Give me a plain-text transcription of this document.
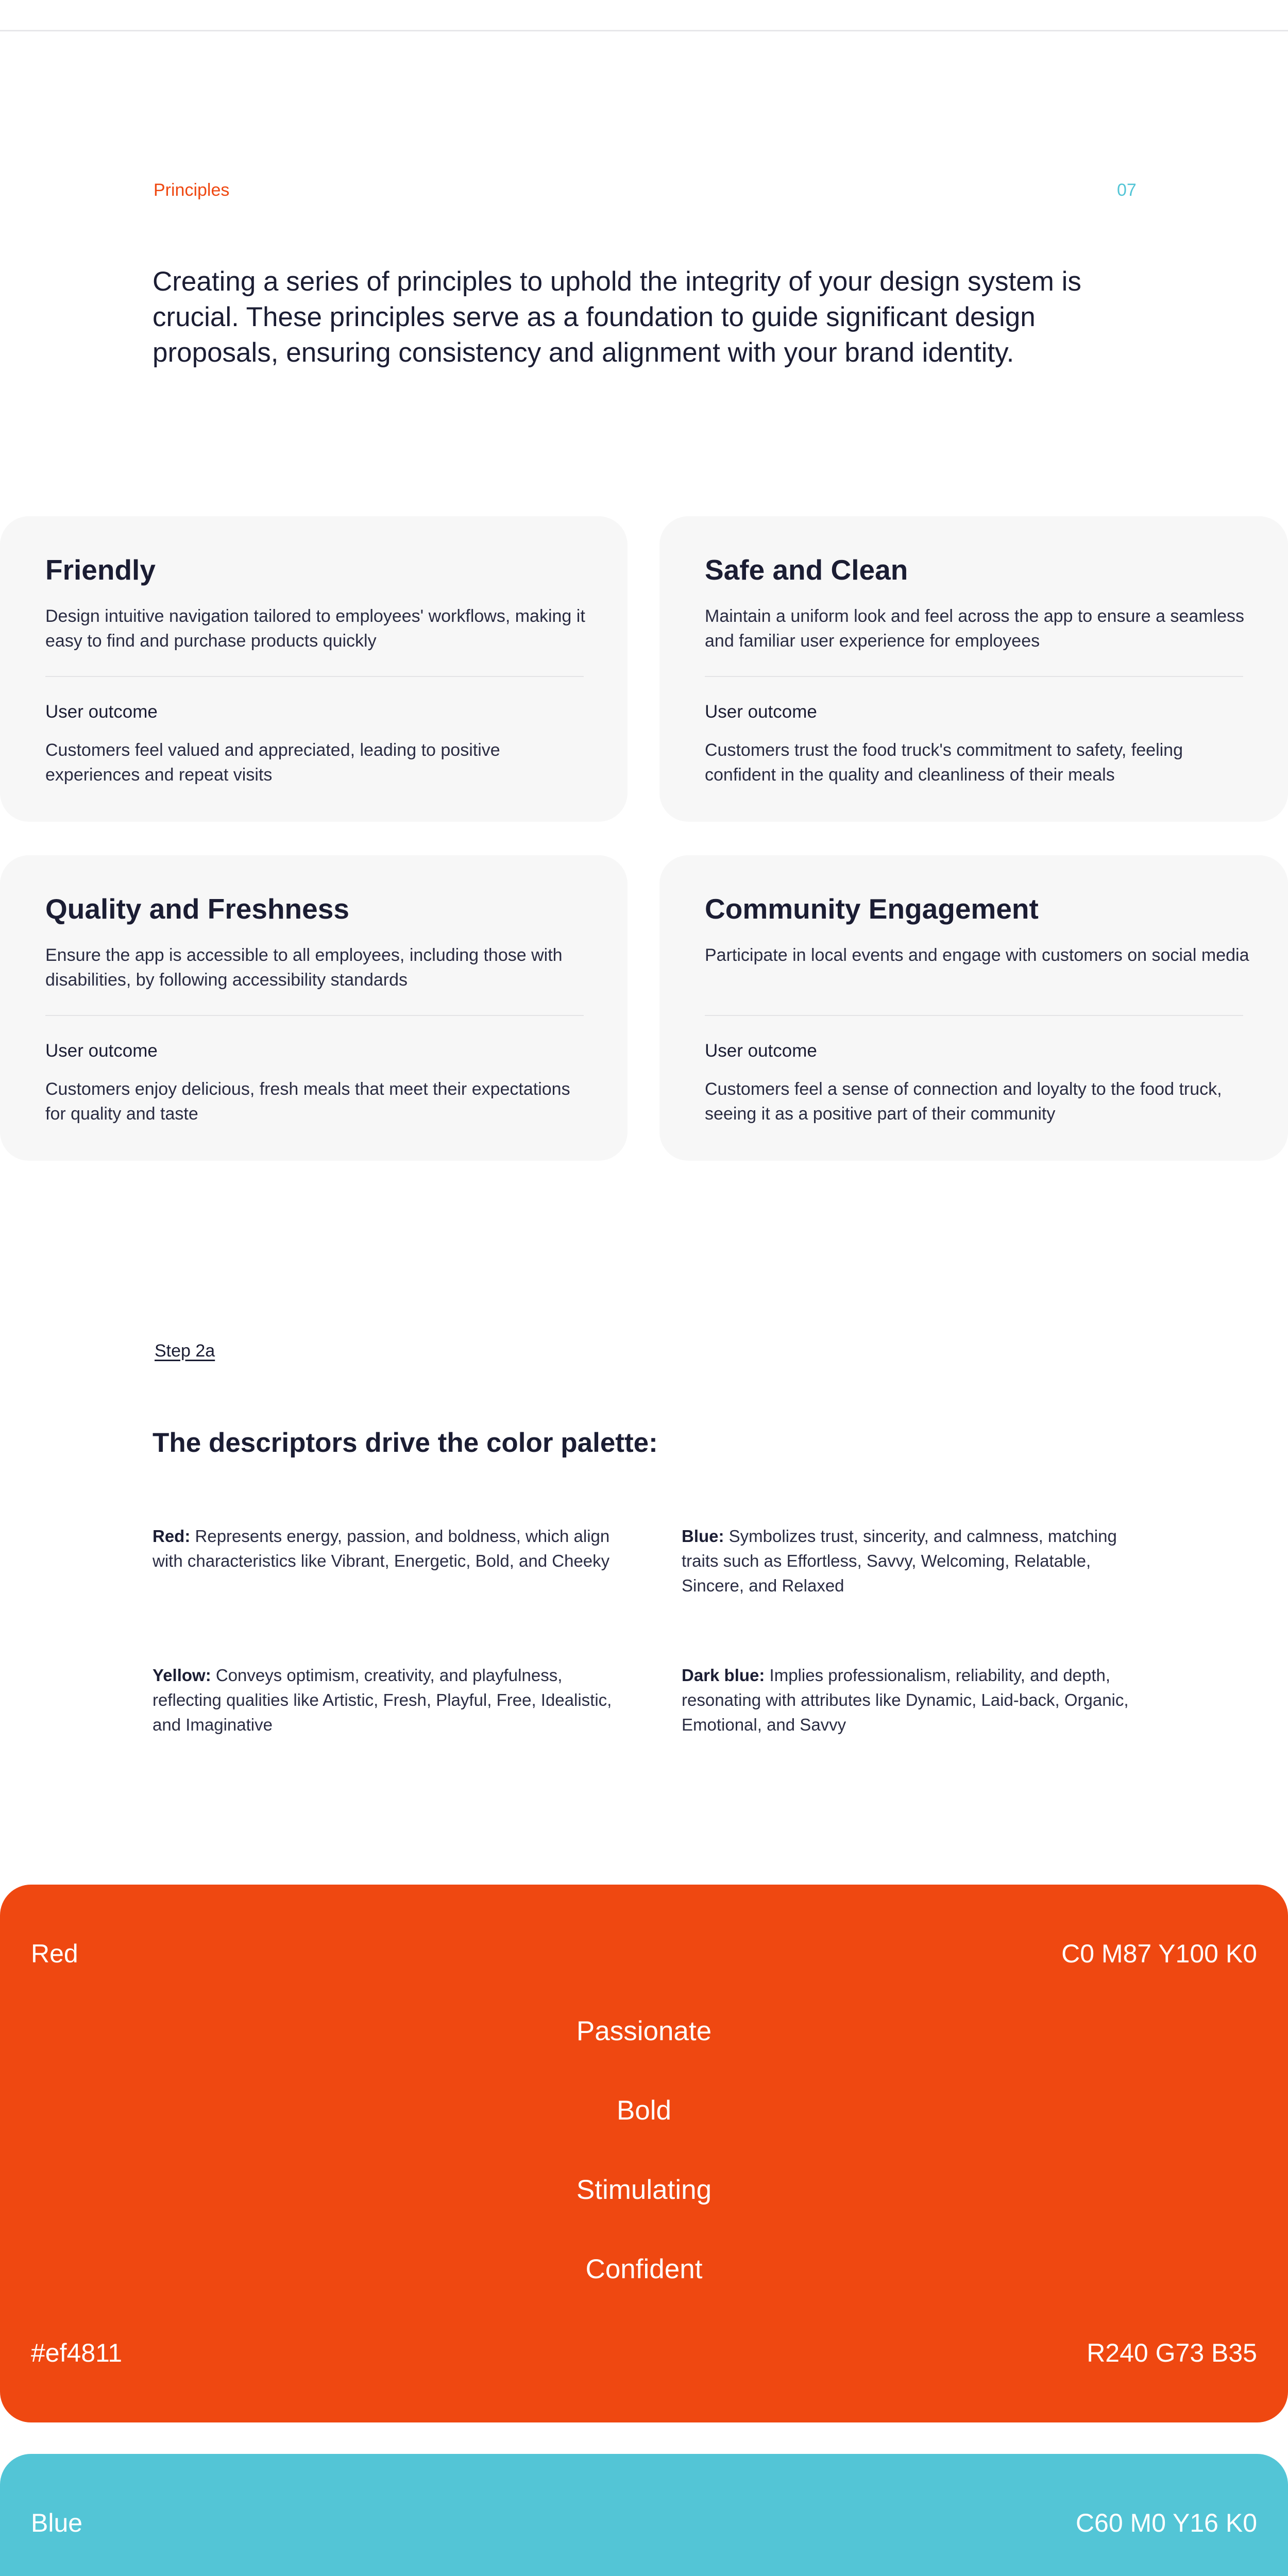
Principles	07

Creating a series of principles to uphold the integrity of your design system is crucial. These principles serve as a foundation to guide significant design proposals, ensuring consistency and alignment with your brand identity.

Friendly

Design intuitive navigation tailored to employees' workflows, making it easy to find and purchase products quickly

User outcome

Customers feel valued and appreciated, leading to positive experiences and repeat visits

Safe and Clean

Maintain a uniform look and feel across the app to ensure a seamless and familiar user experience for employees

User outcome

Customers trust the food truck's commitment to safety, feeling confident in the quality and cleanliness of their meals

Quality and Freshness

Ensure the app is accessible to all employees, including those with disabilities, by following accessibility standards

User outcome

Customers enjoy delicious, fresh meals that meet their expectations for quality and taste

Community Engagement

Participate in local events and engage with customers on social media

User outcome

Customers feel a sense of connection and loyalty to the food truck, seeing it as a positive part of their community

Step 2a
The descriptors drive the color palette:

Red: Represents energy, passion, and boldness, which align with characteristics like Vibrant, Energetic, Bold, and Cheeky

Blue: Symbolizes trust, sincerity, and calmness, matching traits such as Effortless, Savvy, Welcoming, Relatable, Sincere, and Relaxed

Yellow: Conveys optimism, creativity, and playfulness, reflecting qualities like Artistic, Fresh, Playful, Free, Idealistic, and Imaginative

Dark blue: Implies professionalism, reliability, and depth, resonating with attributes like Dynamic, Laid-back, Organic, Emotional, and Savvy

Red	C0 M87 Y100 K0
Passionate
Bold
Stimulating
Confident
#ef4811	R240 G73 B35
Blue	C60 M0 Y16 K0
